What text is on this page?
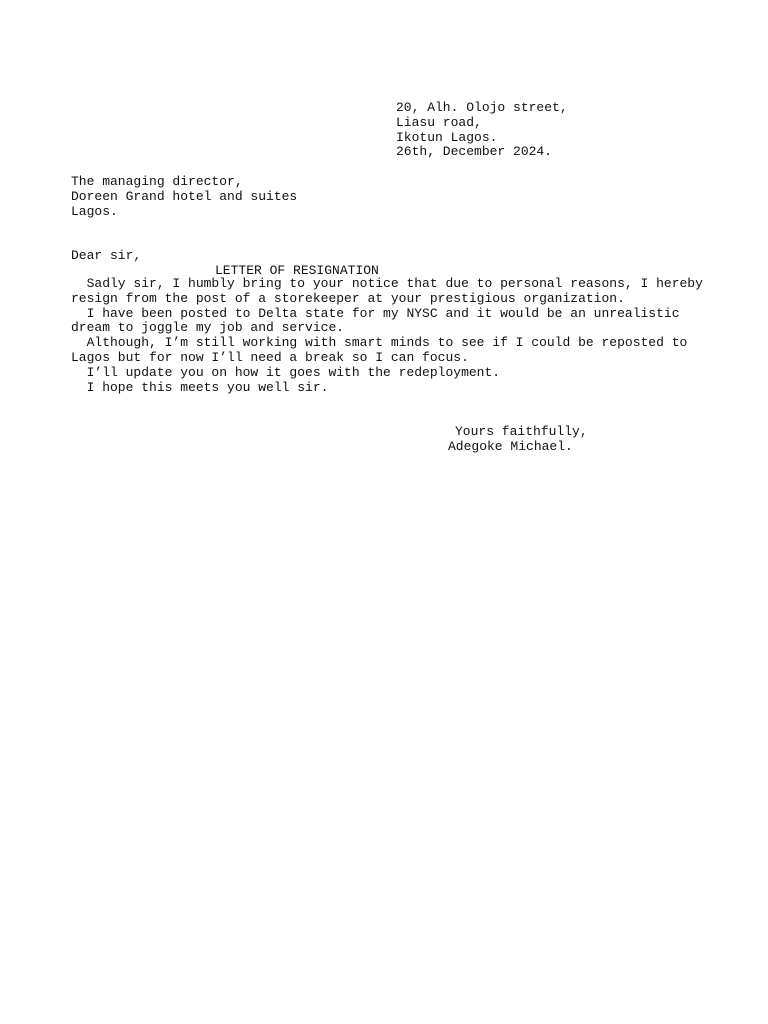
20, Alh. Olojo street,
Liasu road,
Ikotun Lagos.
26th, December 2024.
The managing director,
Doreen Grand hotel and suites
Lagos.
Dear sir,
LETTER OF RESIGNATION
Sadly sir, I humbly bring to your notice that due to personal reasons, I hereby
resign from the post of a storekeeper at your prestigious organization.
I have been posted to Delta state for my NYSC and it would be an unrealistic
dream to joggle my job and service.
Although, I’m still working with smart minds to see if I could be reposted to
Lagos but for now I’ll need a break so I can focus.
I’ll update you on how it goes with the redeployment.
I hope this meets you well sir.
Yours faithfully,
Adegoke Michael.
